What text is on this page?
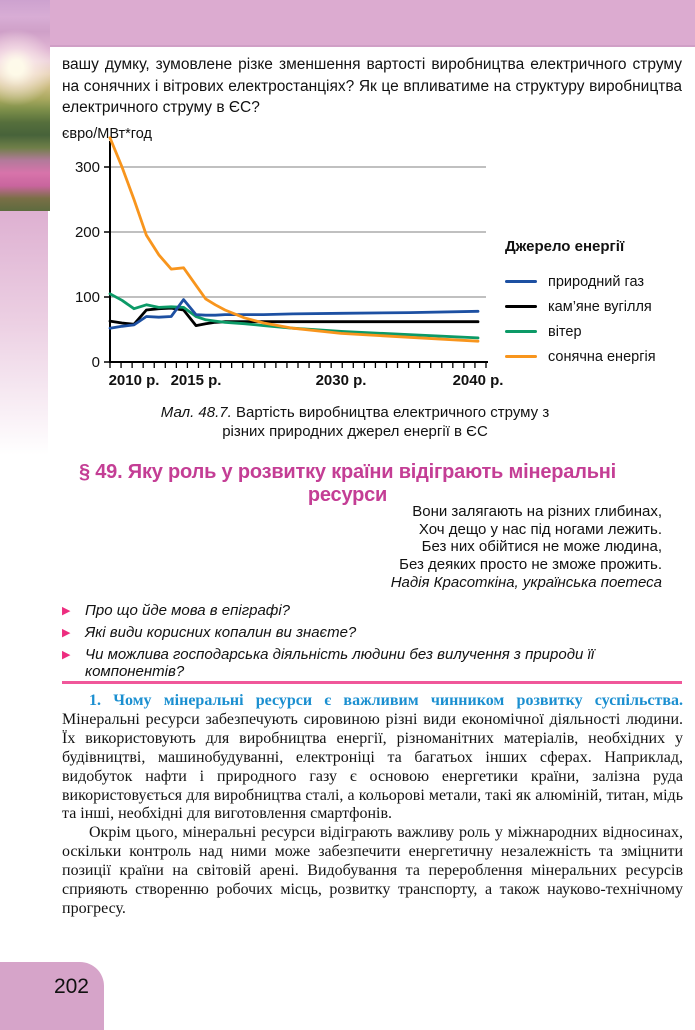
вашу думку, зумовлене різке зменшення вартості виробництва електричного струму на сонячних і вітрових електростанціях? Як це впливатиме на структуру виробництва електричного струму в ЄС?

євро/МВт*год
0
100
200
300
2010 р. 2015 р.	2030 р.	2040 р.
Джерело енергії
природний газ
кам’яне вугілля
вітер
сонячна енергія

Мал. 48.7. Вартість виробництва електричного струму з різних природних джерел енергії в ЄС

§ 49. Яку роль у розвитку країни відіграють мінеральні ресурси
Вони залягають на різних глибинах,
Хоч дещо у нас під ногами лежить.
Без них обійтися не може людина,
Без деяких просто не зможе прожить.
Надія Красоткіна, українська поетеса
▶ Про що йде мова в епіграфі?
▶ Які види корисних копалин ви знаєте?
▶ Чи можлива господарська діяльність людини без вилучення з природи її компонентів?

1. Чому мінеральні ресурси є важливим чинником розвитку суспільства. Мінеральні ресурси забезпечують сировиною різні види економічної діяльності людини. Їх використовують для виробництва енергії, різноманітних матеріалів, необхідних у будівництві, машинобудуванні, електроніці та багатьох інших сферах. Наприклад, видобуток нафти і природного газу є основою енергетики країни, залізна руда використовується для виробництва сталі, а кольорові метали, такі як алюміній, титан, мідь та інші, необхідні для виготовлення смартфонів.

Окрім цього, мінеральні ресурси відіграють важливу роль у міжнародних відносинах, оскільки контроль над ними може забезпечити енергетичну незалежність та зміцнити позиції країни на світовій арені. Видобування та перероблення мінеральних ресурсів сприяють створенню робочих місць, розвитку транспорту, а також науково-технічному прогресу.

202
